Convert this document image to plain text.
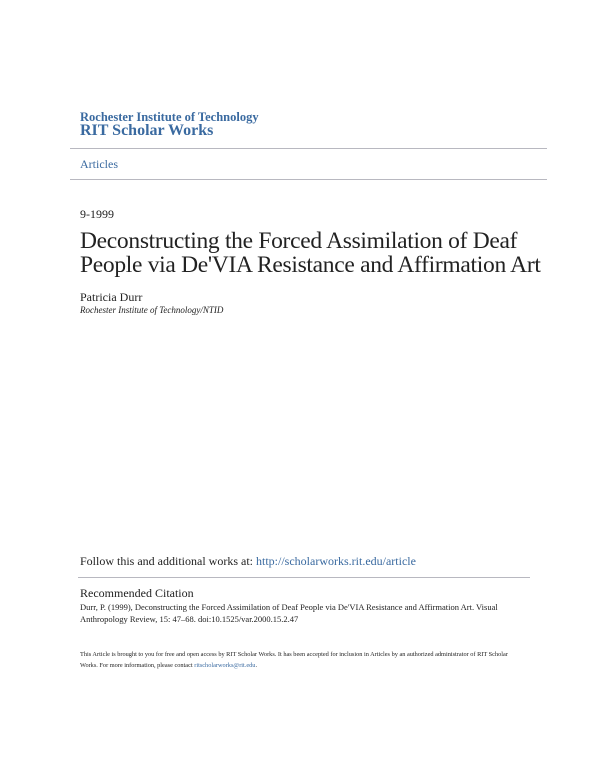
Rochester Institute of Technology
RIT Scholar Works
Articles
9-1999
Deconstructing the Forced Assimilation of Deaf People via De'VIA Resistance and Affirmation Art
Patricia Durr
Rochester Institute of Technology/NTID
Follow this and additional works at: http://scholarworks.rit.edu/article
Recommended Citation
Durr, P. (1999), Deconstructing the Forced Assimilation of Deaf People via De'VIA Resistance and Affirmation Art. Visual Anthropology Review, 15: 47–68. doi:10.1525/var.2000.15.2.47
This Article is brought to you for free and open access by RIT Scholar Works. It has been accepted for inclusion in Articles by an authorized administrator of RIT Scholar Works. For more information, please contact ritscholarworks@rit.edu.
